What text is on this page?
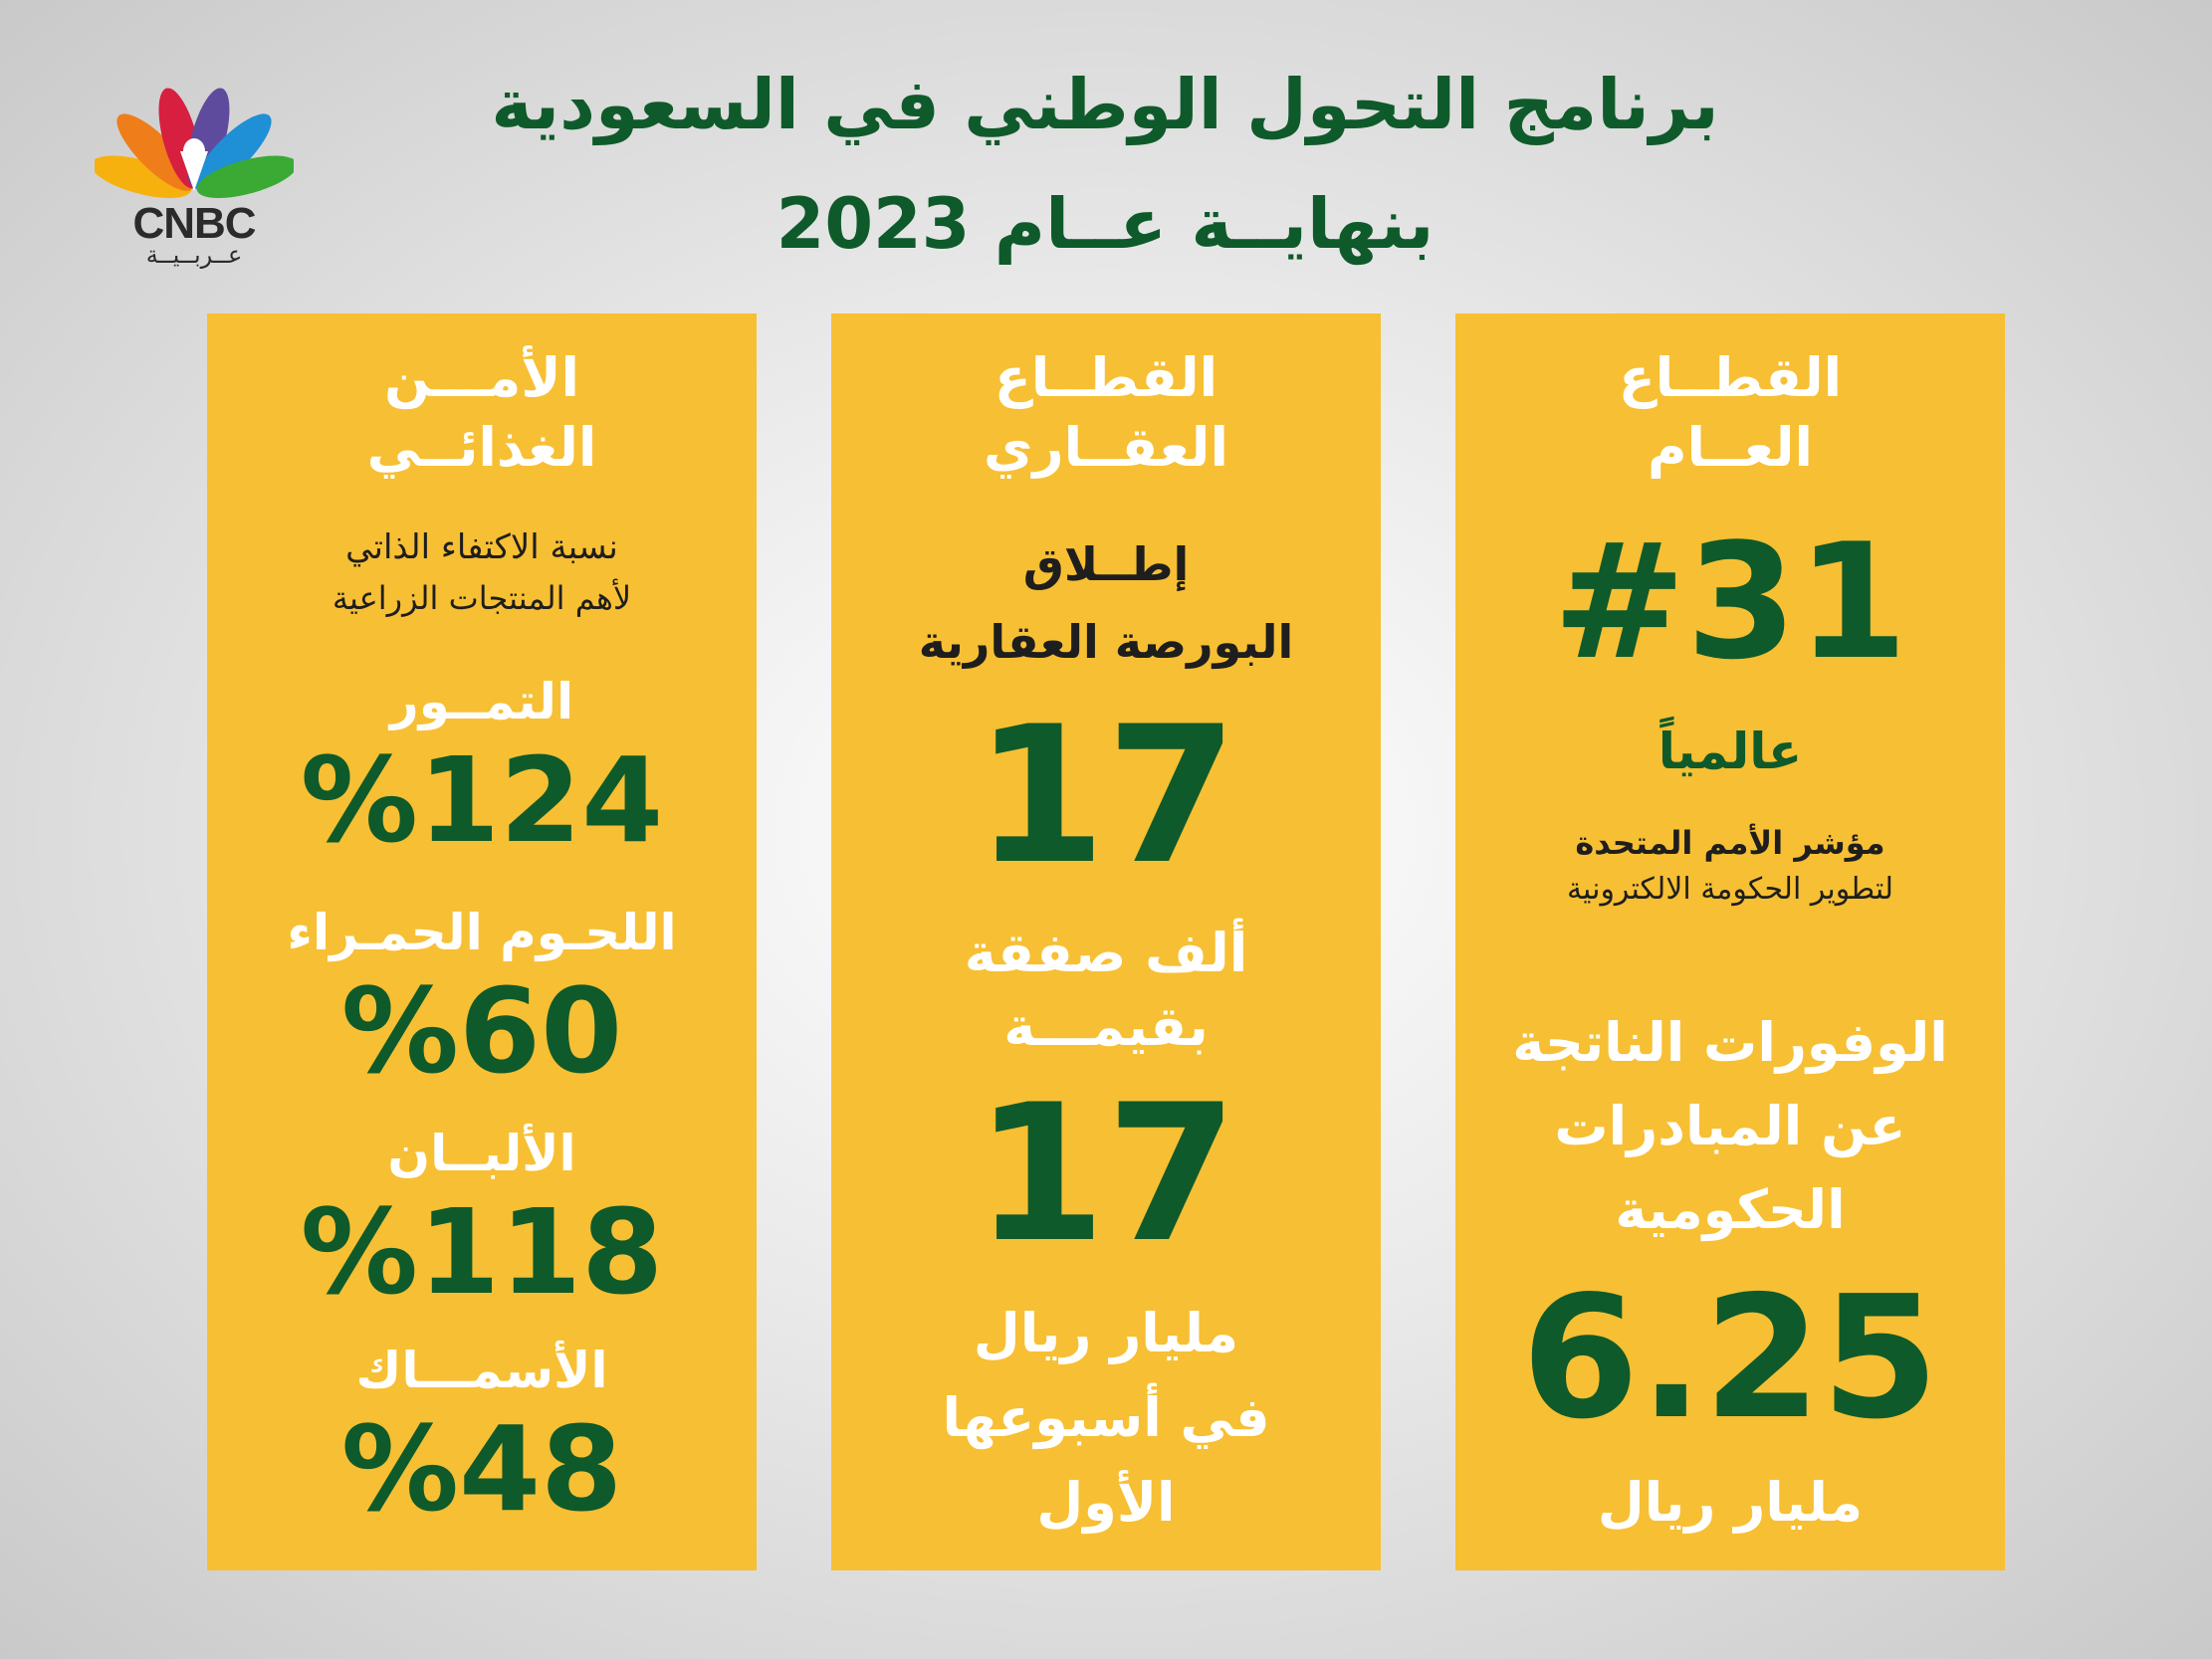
برنامج التحول الوطني في السعودية
بنهايــة عــام 2023
CNBC
عــربــيــة

القطــاع

العــام

#31

عالمياً

مؤشر الأمم المتحدة

لتطوير الحكومة الالكترونية

الوفورات الناتجة

عن المبادرات

الحكومية

6.25

مليار ريال

القطــاع

العقــاري

إطــلاق

البورصة العقارية

17

ألف صفقة

بقيمـــة

17

مليار ريال

في أسبوعها

الأول

الأمـــن

الغذائــي

نسبة الاكتفاء الذاتي

لأهم المنتجات الزراعية

التمــور

%124

اللحـوم الحمـراء

%60

الألبــان

%118

الأسمـــاك

%48
